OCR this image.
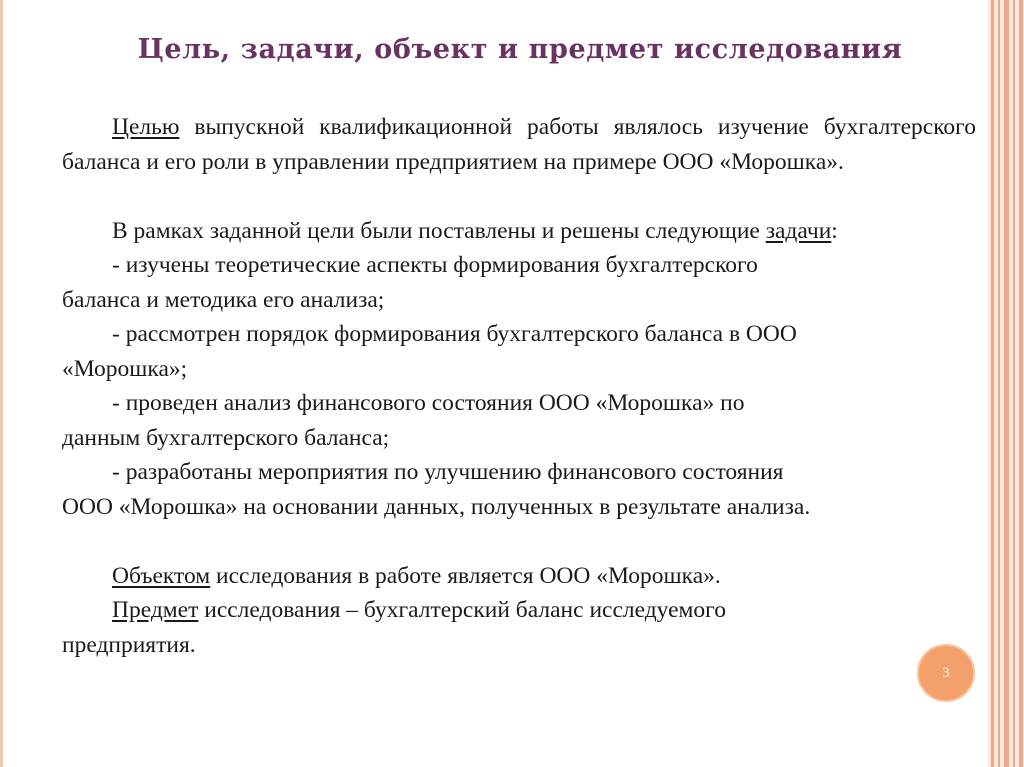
Цель, задачи, объект и предмет исследования

Целью выпускной квалификационной работы являлось изучение бухгалтерского баланса и его роли в управлении предприятием на примере ООО «Морошка».

В рамках заданной цели были поставлены и решены следующие задачи:

- изучены теоретические аспекты формирования бухгалтерского

баланса и методика его анализа;

- рассмотрен порядок формирования бухгалтерского баланса в ООО

«Морошка»;

- проведен анализ финансового состояния ООО «Морошка» по

данным бухгалтерского баланса;

- разработаны мероприятия по улучшению финансового состояния

ООО «Морошка» на основании данных, полученных в результате анализа.

Объектом исследования в работе является ООО «Морошка».

Предмет исследования – бухгалтерский баланс исследуемого

предприятия.

3
